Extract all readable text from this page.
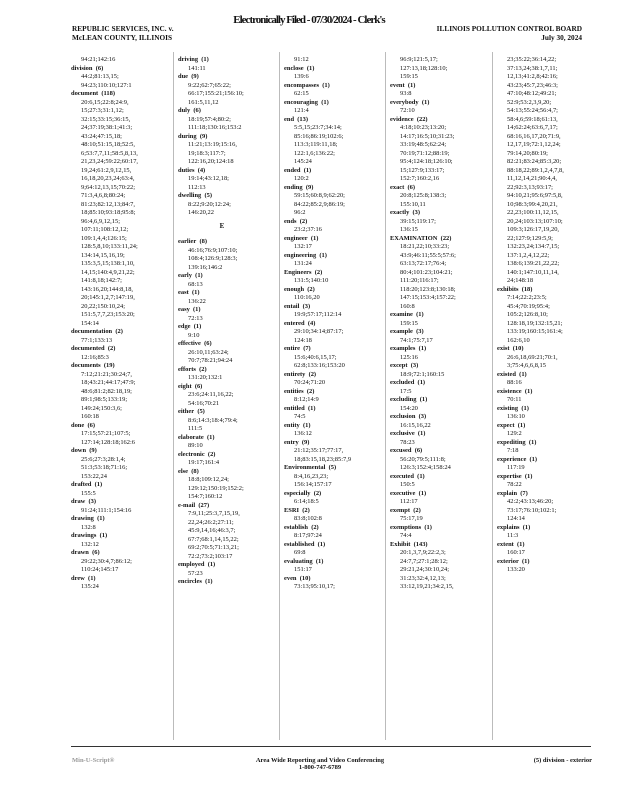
Electronically Filed - 07/30/2024 - Clerk's
REPUBLIC SERVICES, INC. v.	ILLINOIS POLLUTION CONTROL BOARD
McLEAN COUNTY, ILLINOIS	July 30, 2024
94:21;142:16
division (6)
44:2;81:13,15;
94:23;110:10;127:1
document (118)
20:6,15;22:8;24:9,
15;27:3;31:1,12;
32:15;33:15;36:15,
24;37:19;38:1;41:3;
43:24;47:15,18;
48:10;51:15,18;52:5,
6;53:7,7,11;58:5,8,13,
21,23,24;59:22;60:17,
19,24;61:2,9,12,15,
16,18,20,23,24;63:4,
9;64:12,13,15;70:22;
71:3,4,6,8;80:24;
81:23;82:12,13;84:7,
18;85:10;93:18;95:8;
96:4,6,9,12,15;
107:11;108:12,12;
109:1,4,4;126:15;
128:5,8,10;133:11,24;
134:14,15,16,19;
135:3,5,15;138:1,10,
14,15;140:4,9,21,22;
141:8,18;142:7;
143:16,20;144:8,18,
20;145:1,2,7;147:19,
20,22;150:10,24;
151:5,7,7,23;153:20;
154:14
documentation (2)
77:1;133:13
documented (2)
12:16;85:3
documents (19)
7:12;21:21;30:24;7,
18;43:21;44:17;47:9;
48:6;81:2;82:18,19;
89:1;98:5;133:19;
149:24;150:3,6;
160:18
done (6)
17:15;57:21;107:5;
127:14;128:18;162:6
down (9)
25:6;27:3;28:1,4;
51:3;53:18;71:16;
153:22,24
drafted (1)
155:5
draw (3)
91:24;111:1;154:16
drawing (1)
132:8
drawings (1)
132:12
drawn (6)
29:22;30:4,7;86:12;
110:24;145:17
drew (1)
135:24
driving (1)
141:11
due (9)
9:22;62:7;65:22;
66:17;155:21;156:10;
161:5,11,12
duly (6)
18:19;57:4;80:2;
111:18;130:16;153:2
during (9)
11:21;13:19;15:16,
19;18:3;117:7;
122:16,20;124:18
duties (4)
19:14;43:12,18;
112:13
dwelling (5)
8:22;9:20;12:24;
146:20,22
E
earlier (8)
46:16;76:9;107:10;
108:4;126:9;128:3;
139:16;146:2
early (1)
68:13
east (1)
136:22
easy (1)
72:13
edge (1)
9:10
effective (6)
26:10,11;63:24;
70:7;78:21;94:24
efforts (2)
131:20;132:1
eight (6)
23:6;24:11,16,22;
54:16;70:21
either (5)
8:6;14:3;18:4;79:4;
111:5
elaborate (1)
89:10
electronic (2)
19:17;161:4
else (8)
18:8;109:12,24;
129:12;150:19;152:2;
154:7;160:12
e-mail (27)
7:9,11;25:3,7,15,19,
22,24;26:2;27:11;
45:9,14,16;46:3,7;
67:7;68:1,14,15,22;
69:2;70:5;71:13,21;
72:2;73:2;103:17
employed (1)
57:23
encircles (1)
91:12
enclose (1)
139:6
encompasses (1)
62:15
encouraging (1)
121:4
end (13)
5:5,15;23:7;34:14;
85:16;86:19;102:6;
113:3;119:11,18;
122:1,6;136:22;
145:24
ended (1)
120:2
ending (9)
59:15;60:8,9;62:20;
84:22;85:2,9;86:19;
96:2
ends (2)
23:2;37:16
engineer (1)
132:17
engineering (1)
131:24
Engineers (2)
131:5;140:10
enough (2)
110:16,20
entail (3)
19:9;57:17;112:14
entered (4)
29:10;34:14;87:17;
124:18
entire (7)
15:6;40:6,15,17;
62:8;133:16;153:20
entirety (2)
70:24;71:20
entities (2)
8:12;14:9
entitled (1)
74:5
entity (1)
136:12
entry (9)
21:12;35:17;77:17,
18;83:15,18,23;85:7,9
Environmental (5)
8:4,16,23,23;
156:14;157:17
especially (2)
6:14;18:5
ESRI (2)
83:8;102:8
establish (2)
8:17;97:24
established (1)
69:8
evaluating (1)
151:17
even (10)
73:13;95:10,17;
96:9;121:5,17;
127:13,18;128:10;
159:15
event (1)
93:8
everybody (1)
72:10
evidence (22)
4:18;10:23;13:20;
14:17;16:5;10;31:23;
33:19;48:5;62:24;
70:19;71:12;88:19;
95:4;124:18;126:10;
15;127:9;133:17;
152:7;160:2,16
exact (6)
20:8;125:8;138:3;
155:10,11
exactly (3)
39:15;119:17;
136:15
EXAMINATION (22)
18:21,22;10;33:23;
43:9;46:11;55:5;57:6;
63:13;72:17;76:4;
80:4;101:23;104:21;
111:20;116:17;
118:20;123:8;130:18;
147:15;153:4;157:22;
160:8
examine (1)
159:15
example (3)
74:1;75:7,17
examples (1)
125:16
except (3)
18:9;72:1;160:15
excluded (1)
17:5
excluding (1)
154:20
exclusion (3)
16:15,16,22
exclusive (1)
78:23
excused (6)
56:20;79:5;111:8;
126:3;152:4;158:24
executed (1)
150:5
executive (1)
112:17
exempt (2)
75:17,19
exemptions (1)
74:4
Exhibit (143)
20:1,3,7,9;22:2,3;
24:7,7;27:1;28:12;
29:21,24;30:10,24;
31:23;32:4,12,13;
33:12,19,21;34:2,15,
23;35:22;36:14,22;
37:13,24;38:1,7,11;
12,13;41:2,8;42:16;
43:23;45:7,23;46:3;
47:10;48:12;49:21;
52:9;53:2,3,9,20;
54:13;55:24;56:4,7;
58:4,6;59:18;61:13,
14;62:24;63:6,7,17;
68:16,16,17,20;71:9,
12,17,19;72:1,12,24;
79:14,20;80:19;
82:21;83:24;85:3,20;
88:18,22;89:1,2,4,7,8,
11,12,14,21;90:4,4,
22;92:3,13;93:17;
94:10,21;95:6;97:5,8,
10;98:3;99:4,20,21,
22,23;100:11,12,15,
20,24;103:13;107:10;
109:3;126:17,19,20,
22;127:9;129:5,9;
132:23,24;134:7,15;
137:1,2,4,12,22;
138:6;139:21,22,22;
140:1;147:10,11,14,
24;148:18
exhibits (18)
7:14;22:2;23:5;
45:4;70:19;95:4;
105:2;126:8,10;
128:18,19;132:15,21;
133:19;160:15;161:4;
162:6,10
exist (10)
26:6,18,69:21;70:1,
3;75:4,6,6,8,15
existed (1)
88:16
existence (1)
70:11
existing (1)
136:10
expect (1)
129:2
expediting (1)
7:18
experience (1)
117:19
expertise (1)
78:22
explain (7)
42:2;43:13;46:20;
73:17;76:10;102:1;
124:14
explains (1)
11:3
extent (1)
160:17
exterior (1)
133:20
Min-U-Script®	Area Wide Reporting and Video Conferencing
1-800-747-6789
(5) division - exterior
